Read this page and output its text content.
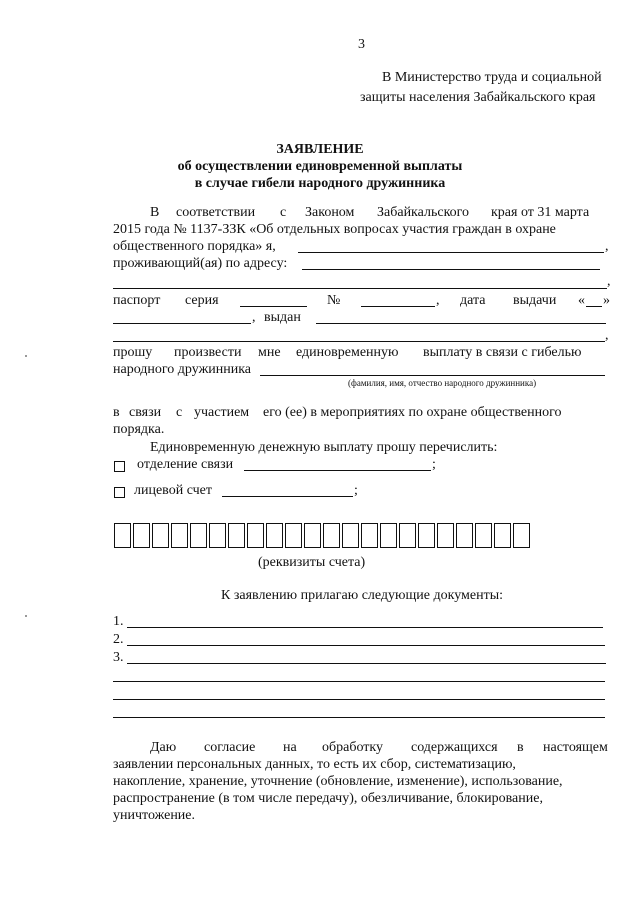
3
В Министерство труда и социальной
защиты населения Забайкальского края
ЗАЯВЛЕНИЕ
об осуществлении единовременной выплаты
в случае гибели народного дружинника
В соответствии с Законом Забайкальского края от 31 марта
2015 года № 1137-ЗЗК «Об отдельных вопросах участия граждан в охране
общественного порядка» я,	,
проживающий(ая) по адресу:
,
паспорт серия	№	, дата выдачи « »
, выдан
,
прошу произвести мне единовременную выплату в связи с гибелью
народного дружинника
(фамилия, имя, отчество народного дружинника)
в связи с участием его (ее) в мероприятиях по охране общественного
порядка.
Единовременную денежную выплату прошу перечислить:
отделение связи	;
лицевой счет	;
(реквизиты счета)
К заявлению прилагаю следующие документы:
1.
2.
3.
Даю согласие на обработку содержащихся в настоящем
заявлении персональных данных, то есть их сбор, систематизацию,
накопление, хранение, уточнение (обновление, изменение), использование,
распространение (в том числе передачу), обезличивание, блокирование,
уничтожение.
